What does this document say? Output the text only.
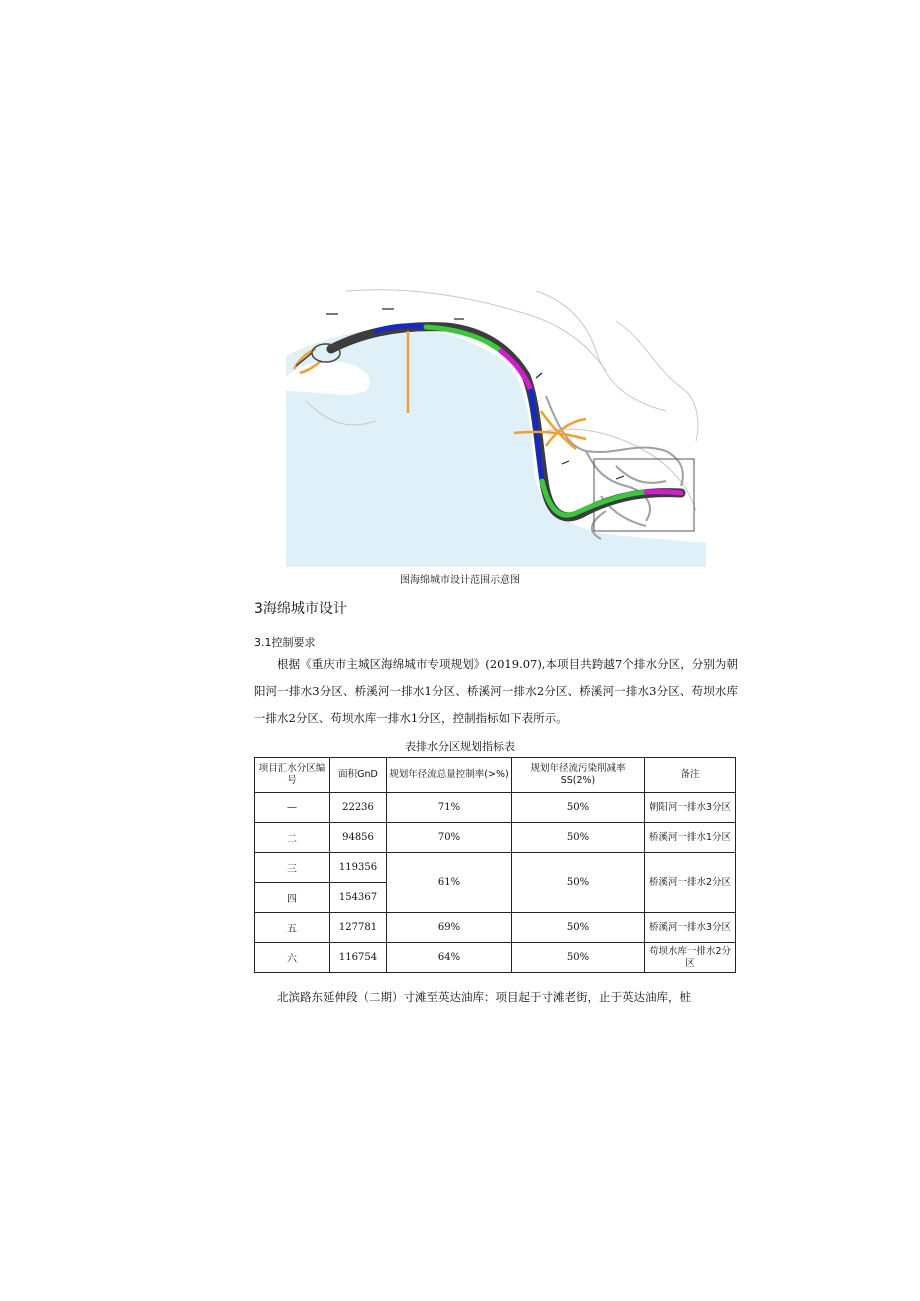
图海绵城市设计范围示意图
3海绵城市设计
3.1控制要求
根据《重庆市主城区海绵城市专项规划》(2019.07),本项目共跨越7个排水分区，分别为朝阳河一排水3分区、桥溪河一排水1分区、桥溪河一排水2分区、桥溪河一排水3分区、苟坝水库一排水2分区、苟坝水库一排水1分区，控制指标如下表所示。
表排水分区规划指标表
项目汇水分区编号	面积GnD	规划年径流总量控制率(>%)	规划年径流污染削减率SS(2%)	备注
—	22236	71%	50%	朝阳河一排水3分区
二	94856	70%	50%	桥溪河一排水1分区
三	119356	61%	50%	桥溪河一排水2分区
四	154367			
五	127781	69%	50%	桥溪河一排水3分区
六	116754	64%	50%	苟坝水库一排水2分区
北滨路东延伸段（二期）寸滩至英达油库：项目起于寸滩老街，止于英达油库，桩
